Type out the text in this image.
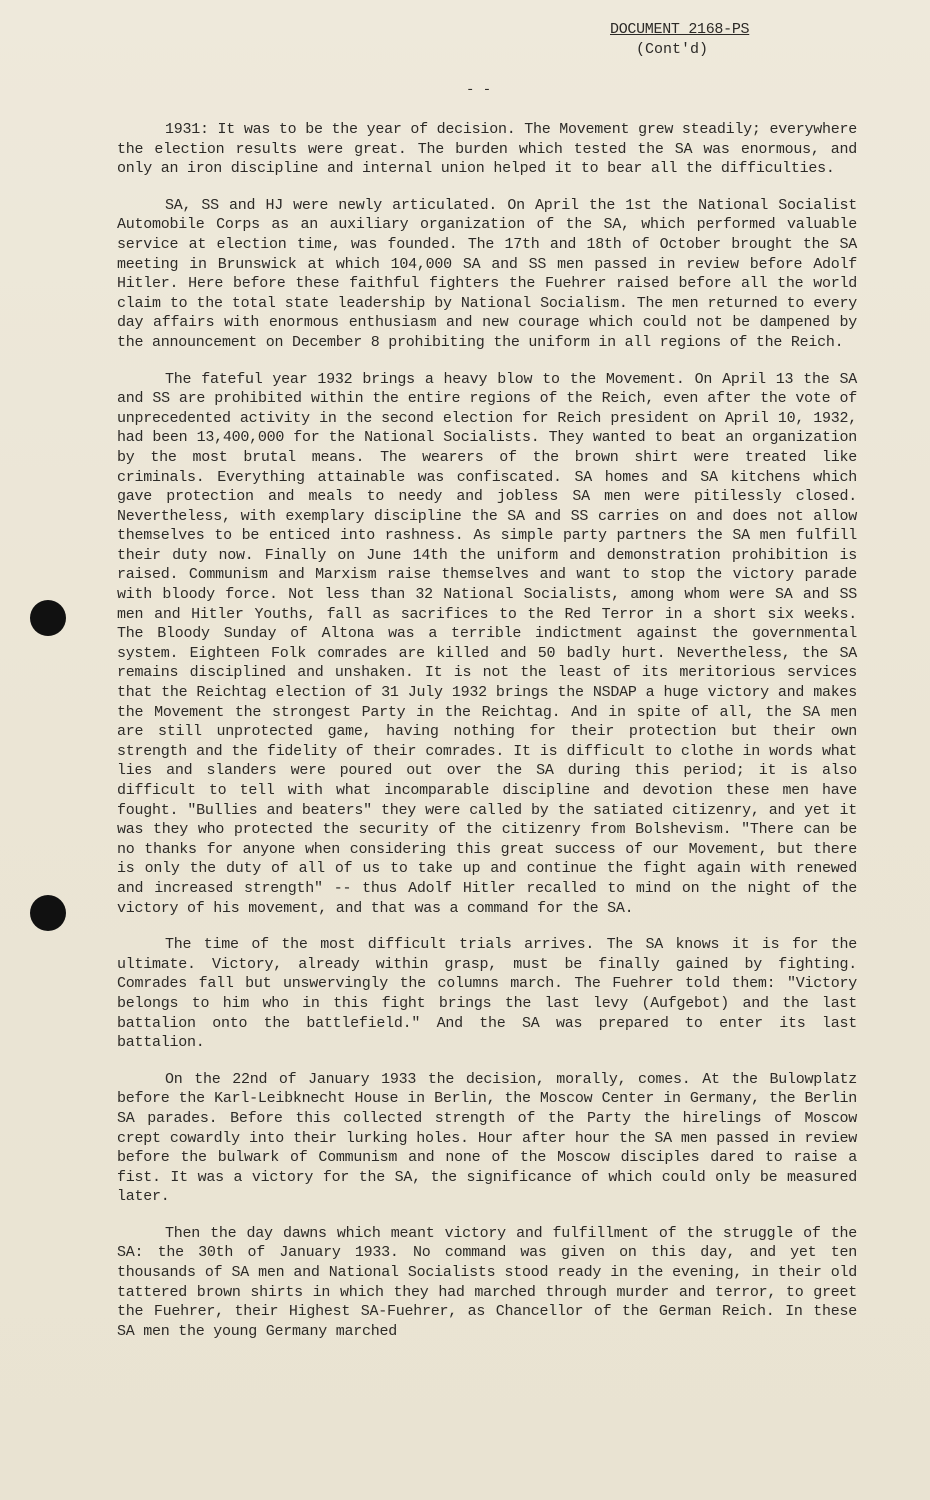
DOCUMENT 2168-PS
(Cont'd)
- -

1931: It was to be the year of decision. The Movement grew steadily; everywhere the election results were great. The burden which tested the SA was enormous, and only an iron discipline and internal union helped it to bear all the difficulties.

SA, SS and HJ were newly articulated. On April the 1st the National Socialist Automobile Corps as an auxiliary organization of the SA, which performed valuable service at election time, was founded. The 17th and 18th of October brought the SA meeting in Brunswick at which 104,000 SA and SS men passed in review before Adolf Hitler. Here before these faithful fighters the Fuehrer raised before all the world claim to the total state leadership by National Socialism. The men returned to every day affairs with enormous enthusiasm and new courage which could not be dampened by the announcement on December 8 prohibiting the uniform in all regions of the Reich.

The fateful year 1932 brings a heavy blow to the Movement. On April 13 the SA and SS are prohibited within the entire regions of the Reich, even after the vote of unprecedented activity in the second election for Reich president on April 10, 1932, had been 13,400,000 for the National Socialists. They wanted to beat an organization by the most brutal means. The wearers of the brown shirt were treated like criminals. Everything attainable was confiscated. SA homes and SA kitchens which gave protection and meals to needy and jobless SA men were pitilessly closed. Nevertheless, with exemplary discipline the SA and SS carries on and does not allow themselves to be enticed into rashness. As simple party partners the SA men fulfill their duty now. Finally on June 14th the uniform and demonstration prohibition is raised. Communism and Marxism raise themselves and want to stop the victory parade with bloody force. Not less than 32 National Socialists, among whom were SA and SS men and Hitler Youths, fall as sacrifices to the Red Terror in a short six weeks. The Bloody Sunday of Altona was a terrible indictment against the governmental system. Eighteen Folk comrades are killed and 50 badly hurt. Nevertheless, the SA remains disciplined and unshaken. It is not the least of its meritorious services that the Reichtag election of 31 July 1932 brings the NSDAP a huge victory and makes the Movement the strongest Party in the Reichtag. And in spite of all, the SA men are still unprotected game, having nothing for their protection but their own strength and the fidelity of their comrades. It is difficult to clothe in words what lies and slanders were poured out over the SA during this period; it is also difficult to tell with what incomparable discipline and devotion these men have fought. "Bullies and beaters" they were called by the satiated citizenry, and yet it was they who protected the security of the citizenry from Bolshevism. "There can be no thanks for anyone when considering this great success of our Movement, but there is only the duty of all of us to take up and continue the fight again with renewed and increased strength" -- thus Adolf Hitler recalled to mind on the night of the victory of his movement, and that was a command for the SA.

The time of the most difficult trials arrives. The SA knows it is for the ultimate. Victory, already within grasp, must be finally gained by fighting. Comrades fall but unswervingly the columns march. The Fuehrer told them: "Victory belongs to him who in this fight brings the last levy (Aufgebot) and the last battalion onto the battlefield." And the SA was prepared to enter its last battalion.

On the 22nd of January 1933 the decision, morally, comes. At the Bulowplatz before the Karl-Leibknecht House in Berlin, the Moscow Center in Germany, the Berlin SA parades. Before this collected strength of the Party the hirelings of Moscow crept cowardly into their lurking holes. Hour after hour the SA men passed in review before the bulwark of Communism and none of the Moscow disciples dared to raise a fist. It was a victory for the SA, the significance of which could only be measured later.

Then the day dawns which meant victory and fulfillment of the struggle of the SA: the 30th of January 1933. No command was given on this day, and yet ten thousands of SA men and National Socialists stood ready in the evening, in their old tattered brown shirts in which they had marched through murder and terror, to greet the Fuehrer, their Highest SA-Fuehrer, as Chancellor of the German Reich. In these SA men the young Germany marched
